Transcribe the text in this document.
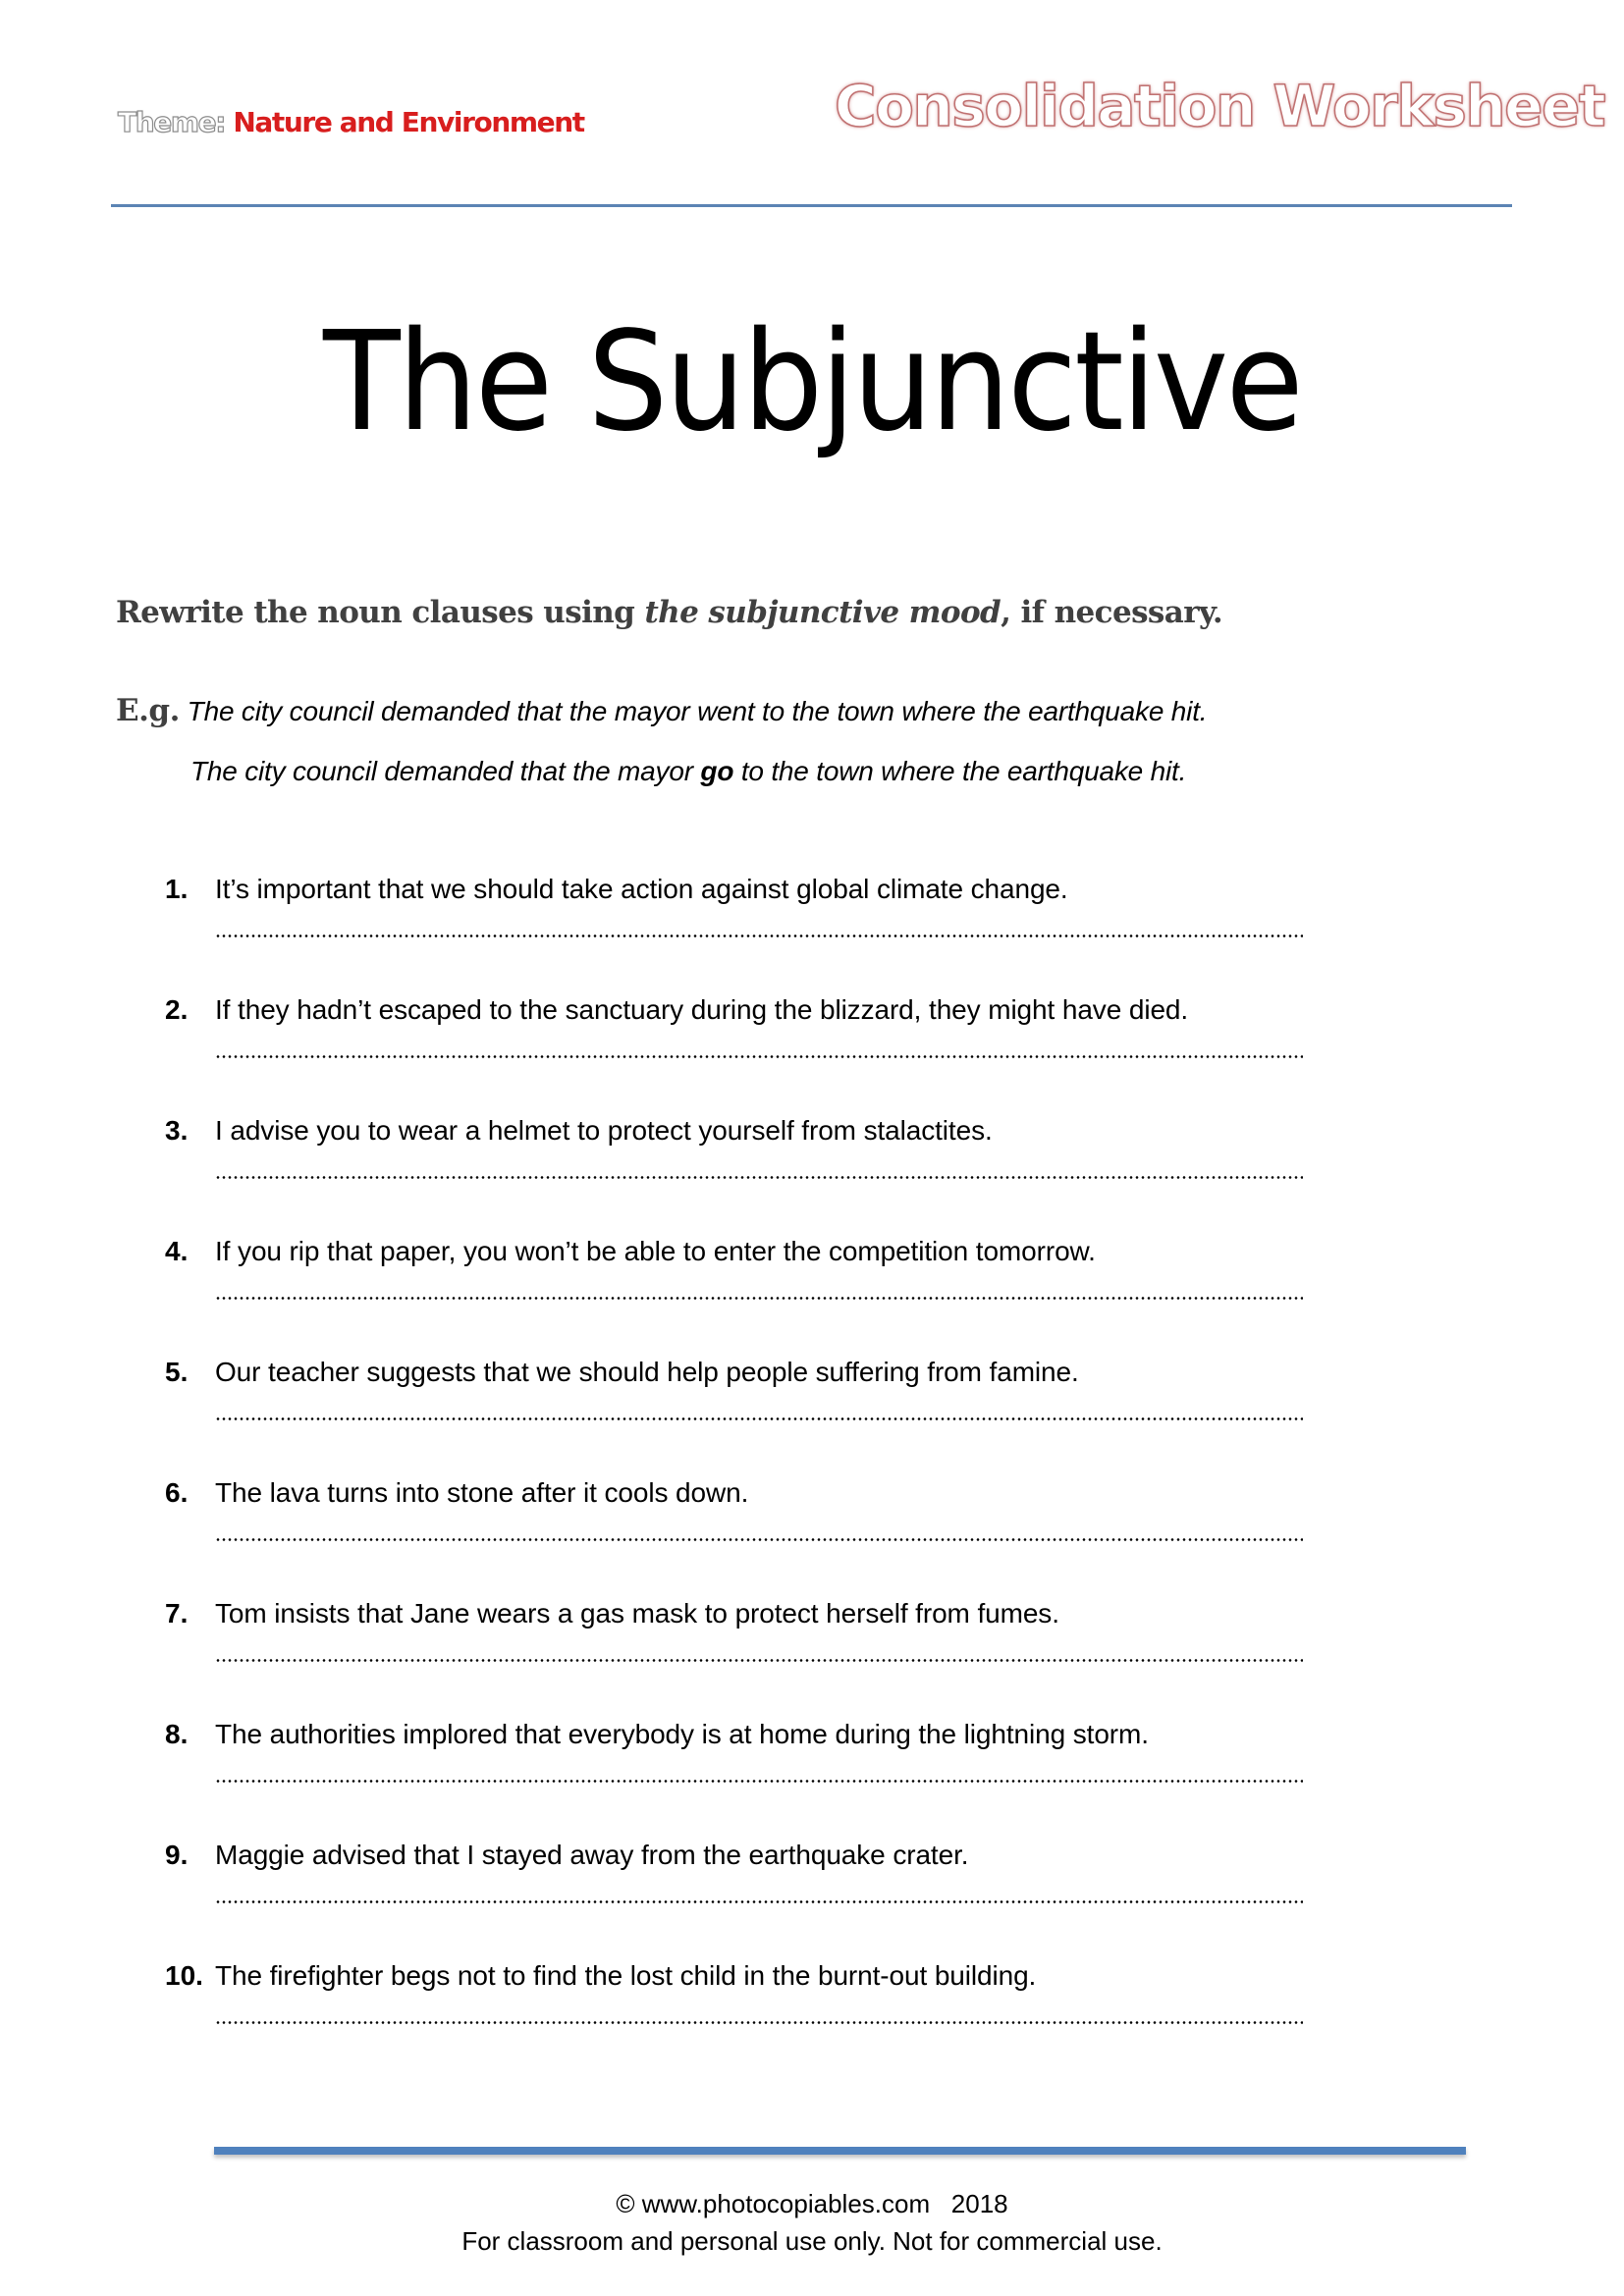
Theme: Nature and Environment	Consolidation Worksheet
The Subjunctive
Rewrite the noun clauses using the subjunctive mood, if necessary.
E.g. The city council demanded that the mayor went to the town where the earthquake hit.
The city council demanded that the mayor go to the town where the earthquake hit.
1. It’s important that we should take action against global climate change.
2. If they hadn’t escaped to the sanctuary during the blizzard, they might have died.
3. I advise you to wear a helmet to protect yourself from stalactites.
4. If you rip that paper, you won’t be able to enter the competition tomorrow.
5. Our teacher suggests that we should help people suffering from famine.
6. The lava turns into stone after it cools down.
7. Tom insists that Jane wears a gas mask to protect herself from fumes.
8. The authorities implored that everybody is at home during the lightning storm.
9. Maggie advised that I stayed away from the earthquake crater.
10. The firefighter begs not to find the lost child in the burnt-out building.
© www.photocopiables.com   2018
For classroom and personal use only. Not for commercial use.
